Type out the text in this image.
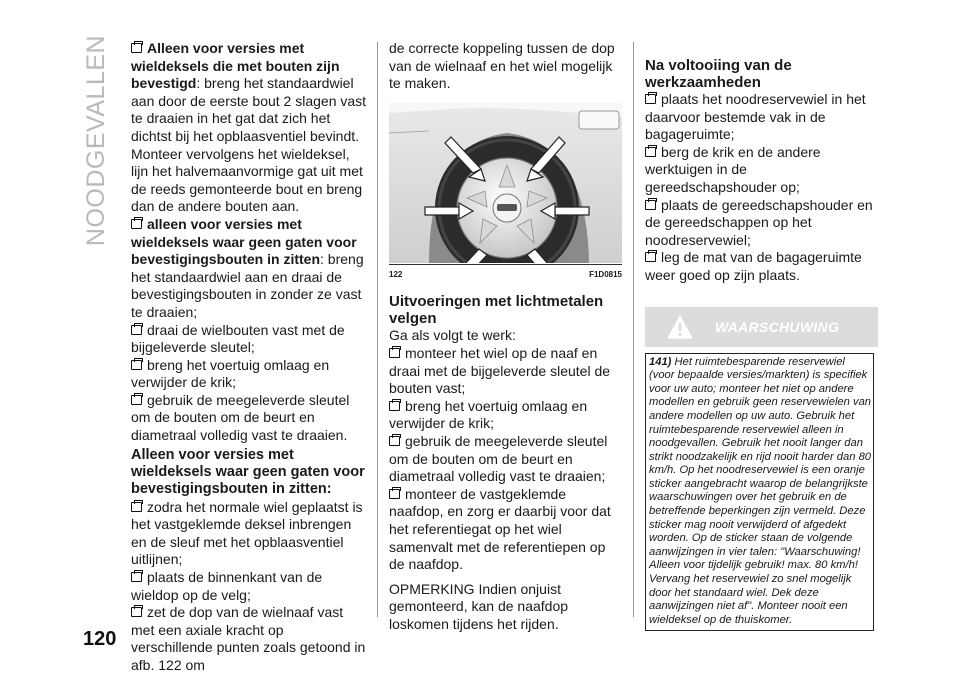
NOODGEVALLEN
120

Alleen voor versies met wieldeksels die met bouten zijn bevestigd: breng het standaardwiel aan door de eerste bout 2 slagen vast te draaien in het gat dat zich het dichtst bij het opblaasventiel bevindt. Monteer vervolgens het wieldeksel, lijn het halvemaanvormige gat uit met de reeds gemonteerde bout en breng dan de andere bouten aan.

alleen voor versies met wieldeksels waar geen gaten voor bevestigingsbouten in zitten: breng het standaardwiel aan en draai de bevestigingsbouten in zonder ze vast te draaien;

draai de wielbouten vast met de bijgeleverde sleutel;

breng het voertuig omlaag en verwijder de krik;

gebruik de meegeleverde sleutel om de bouten om de beurt en diametraal volledig vast te draaien.

Alleen voor versies met wieldeksels waar geen gaten voor bevestigingsbouten in zitten:

zodra het normale wiel geplaatst is het vastgeklemde deksel inbrengen en de sleuf met het opblaasventiel uitlijnen;

plaats de binnenkant van de wieldop op de velg;

zet de dop van de wielnaaf vast met een axiale kracht op verschillende punten zoals getoond in afb. 122 om

de correcte koppeling tussen de dop van de wielnaaf en het wiel mogelijk te maken.

122	F1D0815

Uitvoeringen met lichtmetalen velgen

Ga als volgt te werk:

monteer het wiel op de naaf en draai met de bijgeleverde sleutel de bouten vast;

breng het voertuig omlaag en verwijder de krik;

gebruik de meegeleverde sleutel om de bouten om de beurt en diametraal volledig vast te draaien;

monteer de vastgeklemde naafdop, en zorg er daarbij voor dat het referentiegat op het wiel samenvalt met de referentiepen op de naafdop.

OPMERKING Indien onjuist gemonteerd, kan de naafdop loskomen tijdens het rijden.

Na voltooiing van de werkzaamheden

plaats het noodreservewiel in het daarvoor bestemde vak in de bagageruimte;

berg de krik en de andere werktuigen in de gereedschapshouder op;

plaats de gereedschapshouder en de gereedschappen op het noodreservewiel;

leg de mat van de bagageruimte weer goed op zijn plaats.

WAARSCHUWING
141) Het ruimtebesparende reservewiel (voor bepaalde versies/markten) is specifiek voor uw auto; monteer het niet op andere modellen en gebruik geen reservewielen van andere modellen op uw auto. Gebruik het ruimtebesparende reservewiel alleen in noodgevallen. Gebruik het nooit langer dan strikt noodzakelijk en rijd nooit harder dan 80 km/h. Op het noodreservewiel is een oranje sticker aangebracht waarop de belangrijkste waarschuwingen over het gebruik en de betreffende beperkingen zijn vermeld. Deze sticker mag nooit verwijderd of afgedekt worden. Op de sticker staan de volgende aanwijzingen in vier talen: "Waarschuwing! Alleen voor tijdelijk gebruik! max. 80 km/h! Vervang het reservewiel zo snel mogelijk door het standaard wiel. Dek deze aanwijzingen niet af". Monteer nooit een wieldeksel op de thuiskomer.
